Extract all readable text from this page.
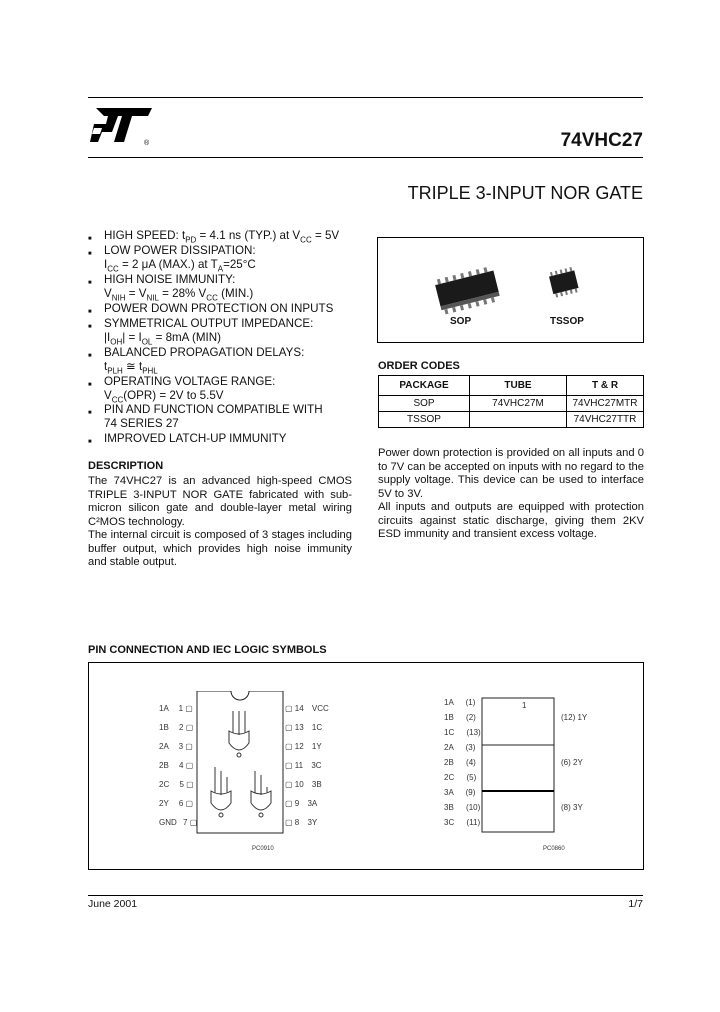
®	74VHC27
TRIPLE 3-INPUT NOR GATE
■ HIGH SPEED: $t_{PD} = 4.1$ ns (TYP.) at $V_{CC} = 5V$
■ LOW POWER DISSIPATION:
$I_{CC} = 2$ μA (MAX.) at $T_A=25^\circ C$
■ HIGH NOISE IMMUNITY:
$V_{NIH} = V_{NIL} = 28\%$ $V_{CC}$ (MIN.)
■ POWER DOWN PROTECTION ON INPUTS
■ SYMMETRICAL OUTPUT IMPEDANCE:
$|I_{OH}| = I_{OL} = 8mA$ (MIN)
■ BALANCED PROPAGATION DELAYS:
$t_{PLH}$ ≅ $t_{PHL}$
■ OPERATING VOLTAGE RANGE:
$V_{CC}(OPR) = 2V$ to 5.5V
■ PIN AND FUNCTION COMPATIBLE WITH
74 SERIES 27
■ IMPROVED LATCH-UP IMMUNITY
SOP	TSSOP
ORDER CODES
PACKAGE	TUBE	T & R
SOP	74VHC27M	74VHC27MTR
TSSOP		74VHC27TTR
DESCRIPTION
The 74VHC27 is an advanced high-speed CMOS TRIPLE 3-INPUT NOR GATE fabricated with sub-micron silicon gate and double-layer metal wiring C²MOS technology.
The internal circuit is composed of 3 stages including buffer output, which provides high noise immunity and stable output.
Power down protection is provided on all inputs and 0 to 7V can be accepted on inputs with no regard to the supply voltage. This device can be used to interface 5V to 3V.
All inputs and outputs are equipped with protection circuits against static discharge, giving them 2KV ESD immunity and transient excess voltage.
PIN CONNECTION AND IEC LOGIC SYMBOLS
1A 1 ▢
1B 2 ▢
2A 3 ▢
2B 4 ▢
2C 5 ▢
2Y 6 ▢
GND 7 ▢
▢ 14 VCC
▢ 13 1C
▢ 12 1Y
▢ 11 3C
▢ 10 3B
▢ 9 3A
▢ 8 3Y
PC0910
1
1A (1)
1B (2)
1C (13)
2A (3)
2B (4)
2C (5)
3A (9)
3B (10)
3C (11)
(12) 1Y
(6) 2Y
(8) 3Y
PC0860
June 2001	1/7
